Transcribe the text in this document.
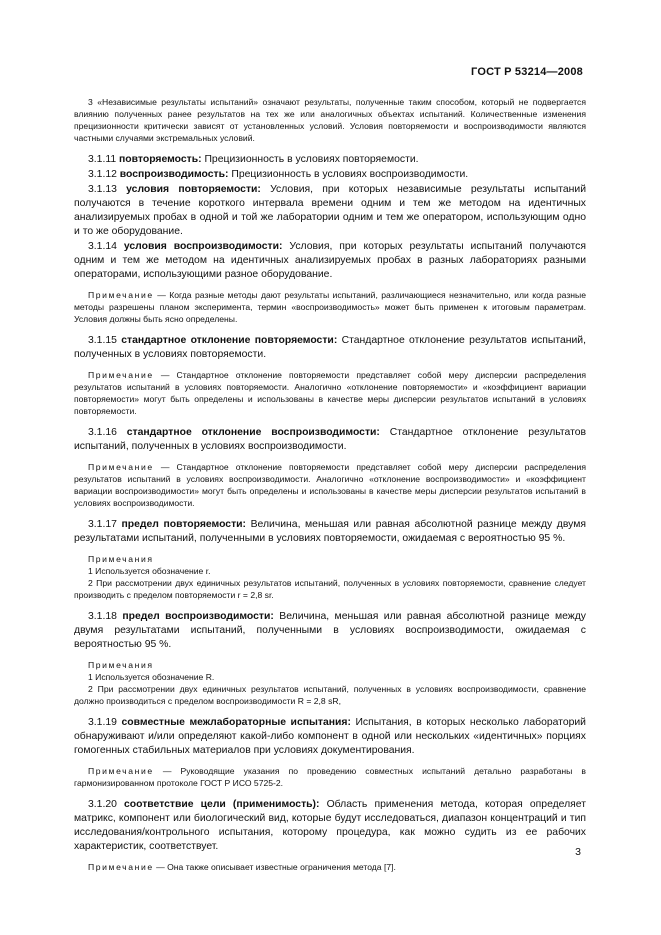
ГОСТ Р 53214—2008

3 «Независимые результаты испытаний» означают результаты, полученные таким способом, который не подвергается влиянию полученных ранее результатов на тех же или аналогичных объектах испытаний. Количественные изменения прецизионности критически зависят от установленных условий. Условия повторяемости и воспроизводимости являются частными случаями экстремальных условий.

3.1.11 повторяемость: Прецизионность в условиях повторяемости.

3.1.12 воспроизводимость: Прецизионность в условиях воспроизводимости.

3.1.13 условия повторяемости: Условия, при которых независимые результаты испытаний получаются в течение короткого интервала времени одним и тем же методом на идентичных анализируемых пробах в одной и той же лаборатории одним и тем же оператором, использующим одно и то же оборудование.

3.1.14 условия воспроизводимости: Условия, при которых результаты испытаний получаются одним и тем же методом на идентичных анализируемых пробах в разных лабораториях разными операторами, использующими разное оборудование.

Примечание — Когда разные методы дают результаты испытаний, различающиеся незначительно, или когда разные методы разрешены планом эксперимента, термин «воспроизводимость» может быть применен к итоговым параметрам. Условия должны быть ясно определены.

3.1.15 стандартное отклонение повторяемости: Стандартное отклонение результатов испытаний, полученных в условиях повторяемости.

Примечание — Стандартное отклонение повторяемости представляет собой меру дисперсии распределения результатов испытаний в условиях повторяемости. Аналогично «отклонение повторяемости» и «коэффициент вариации повторяемости» могут быть определены и использованы в качестве меры дисперсии результатов испытаний в условиях повторяемости.

3.1.16 стандартное отклонение воспроизводимости: Стандартное отклонение результатов испытаний, полученных в условиях воспроизводимости.

Примечание — Стандартное отклонение повторяемости представляет собой меру дисперсии распределения результатов испытаний в условиях воспроизводимости. Аналогично «отклонение воспроизводимости» и «коэффициент вариации воспроизводимости» могут быть определены и использованы в качестве меры дисперсии результатов испытаний в условиях воспроизводимости.

3.1.17 предел повторяемости: Величина, меньшая или равная абсолютной разнице между двумя результатами испытаний, полученными в условиях повторяемости, ожидаемая с вероятностью 95 %.

Примечания
1 Используется обозначение r.
2 При рассмотрении двух единичных результатов испытаний, полученных в условиях повторяемости, сравнение следует производить с пределом повторяемости r = 2,8 sr.

3.1.18 предел воспроизводимости: Величина, меньшая или равная абсолютной разнице между двумя результатами испытаний, полученными в условиях воспроизводимости, ожидаемая с вероятностью 95 %.

Примечания
1 Используется обозначение R.
2 При рассмотрении двух единичных результатов испытаний, полученных в условиях воспроизводимости, сравнение должно производиться с пределом воспроизводимости R = 2,8 sR,

3.1.19 совместные межлабораторные испытания: Испытания, в которых несколько лабораторий обнаруживают и/или определяют какой-либо компонент в одной или нескольких «идентичных» порциях гомогенных стабильных материалов при условиях документирования.

Примечание — Руководящие указания по проведению совместных испытаний детально разработаны в гармонизированном протоколе ГОСТ Р ИСО 5725-2.

3.1.20 соответствие цели (применимость): Область применения метода, которая определяет матрикс, компонент или биологический вид, которые будут исследоваться, диапазон концентраций и тип исследования/контрольного испытания, которому процедура, как можно судить из ее рабочих характеристик, соответствует.

Примечание — Она также описывает известные ограничения метода [7].

3
